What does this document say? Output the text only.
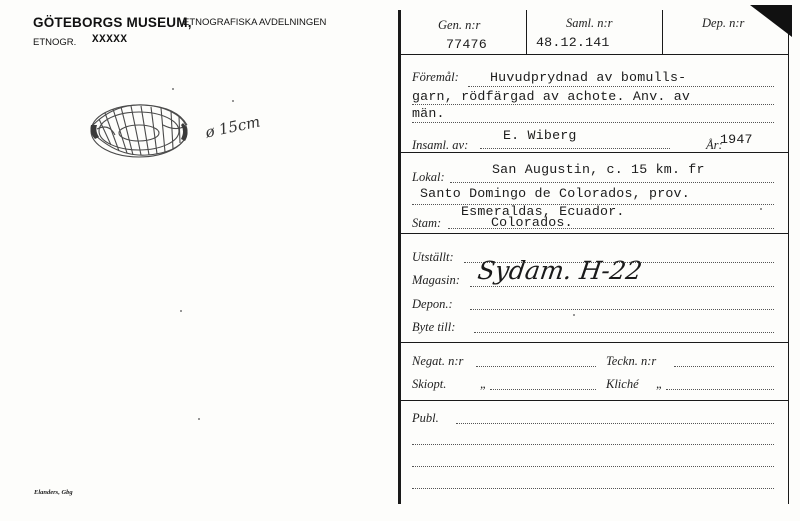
GÖTEBORGS MUSEUM,
ETNOGRAFISKA AVDELNINGEN
ETNOGR. XXXXX
ø 15cm
Elanders, Gbg
Gen. n:r
77476
Saml. n:r
48.12.141
Dep. n:r
Föremål: Huvudprydnad av bomulls-
garn, rödfärgad av achote. Anv. av
män.
Insaml. av:
E. Wiberg
År:
1947
Lokal:	San Augustin, c. 15 km. fr
Santo Domingo de Colorados, prov.
Esmeraldas, Ecuador.
Stam:	Colorados.
Utställt:
Magasin: Sydam. H-22
Depon.:
Byte till:
Negat. n:r	Teckn. n:r
Skiopt.	„	Kliché „
Publ.
